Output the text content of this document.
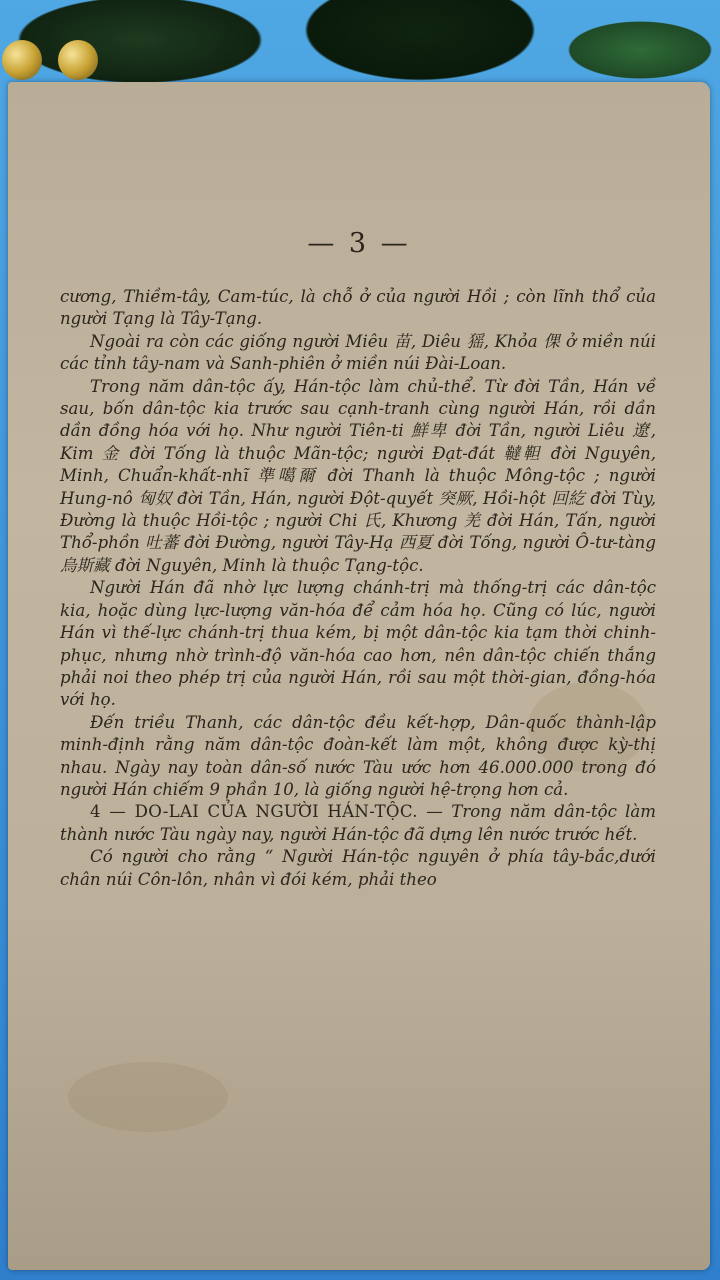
— 3 —

cương, Thiềm-tây, Cam-túc, là chỗ ở của người Hồi ; còn lĩnh thổ của người Tạng là Tây-Tạng.

Ngoài ra còn các giống người Miêu 苗, Diêu 猺, Khỏa 倮 ở miền núi các tỉnh tây-nam và Sanh-phiên ở miền núi Đài-Loan.

Trong năm dân-tộc ấy, Hán-tộc làm chủ-thể. Từ đời Tần, Hán về sau, bốn dân-tộc kia trước sau cạnh-tranh cùng người Hán, rồi dần dần đồng hóa với họ. Như người Tiên-ti 鮮卑 đời Tần, người Liêu 遼, Kim 金 đời Tống là thuộc Mãn-tộc; người Đạt-đát 韃靼 đời Nguyên, Minh, Chuẩn-khất-nhĩ 準噶爾 đời Thanh là thuộc Mông-tộc ; người Hung-nô 匈奴 đời Tần, Hán, người Đột-quyết 突厥, Hồi-hột 回紇 đời Tùy, Đường là thuộc Hồi-tộc ; người Chi 氏, Khương 羌 đời Hán, Tấn, người Thổ-phồn 吐蕃 đời Đường, người Tây-Hạ 西夏 đời Tống, người Ô-tư-tàng 烏斯藏 đời Nguyên, Minh là thuộc Tạng-tộc.

Người Hán đã nhờ lực lượng chánh-trị mà thống-trị các dân-tộc kia, hoặc dùng lực-lượng văn-hóa để cảm hóa họ. Cũng có lúc, người Hán vì thế-lực chánh-trị thua kém, bị một dân-tộc kia tạm thời chinh-phục, nhưng nhờ trình-độ văn-hóa cao hơn, nên dân-tộc chiến thắng phải noi theo phép trị của người Hán, rồi sau một thời-gian, đồng-hóa với họ.

Đến triều Thanh, các dân-tộc đều kết-hợp, Dân-quốc thành-lập minh-định rằng năm dân-tộc đoàn-kết làm một, không được kỳ-thị nhau. Ngày nay toàn dân-số nước Tàu ước hơn 46.000.000 trong đó người Hán chiếm 9 phần 10, là giống người hệ-trọng hơn cả.

4 — DO-LAI CỦA NGƯỜI HÁN-TỘC. — Trong năm dân-tộc làm thành nước Tàu ngày nay, người Hán-tộc đã dựng lên nước trước hết.

Có người cho rằng “ Người Hán-tộc nguyên ở phía tây-bắc,dưới chân núi Côn-lôn, nhân vì đói kém, phải theo
